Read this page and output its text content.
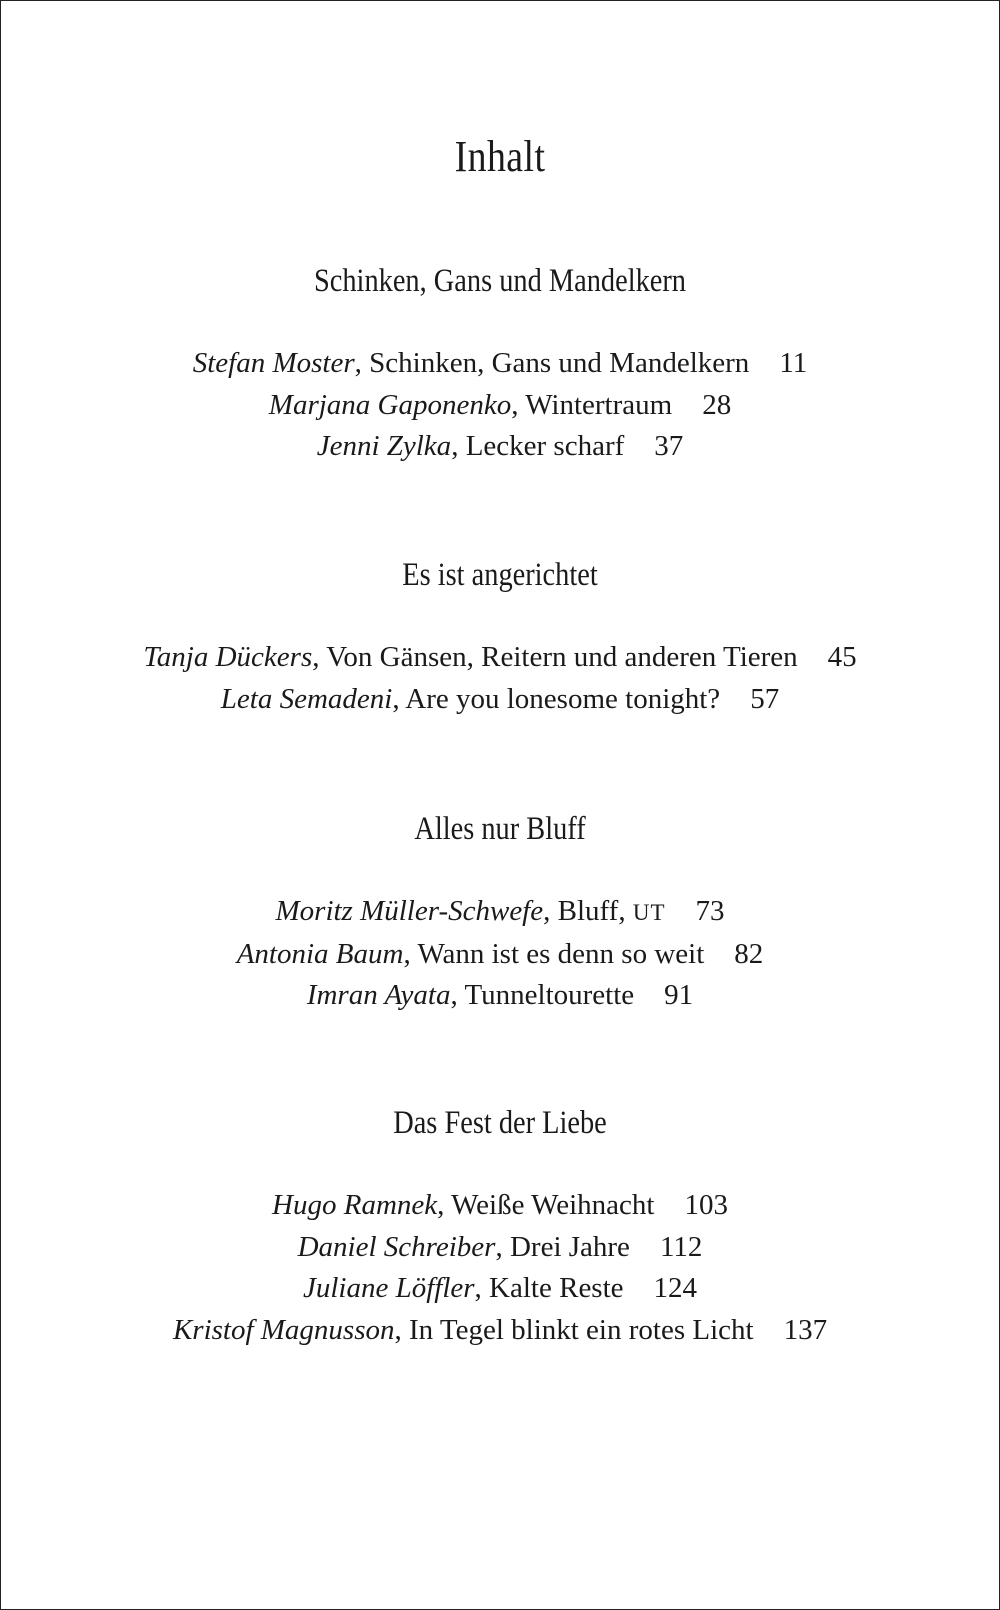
Inhalt
Schinken, Gans und Mandelkern
Stefan Moster, Schinken, Gans und Mandelkern 11
Marjana Gaponenko, Wintertraum 28
Jenni Zylka, Lecker scharf 37
Es ist angerichtet
Tanja Dückers, Von Gänsen, Reitern und anderen Tieren 45
Leta Semadeni, Are you lonesome tonight? 57
Alles nur Bluff
Moritz Müller-Schwefe, Bluff, UT 73
Antonia Baum, Wann ist es denn so weit 82
Imran Ayata, Tunneltourette 91
Das Fest der Liebe
Hugo Ramnek, Weiße Weihnacht 103
Daniel Schreiber, Drei Jahre 112
Juliane Löffler, Kalte Reste 124
Kristof Magnusson, In Tegel blinkt ein rotes Licht 137
